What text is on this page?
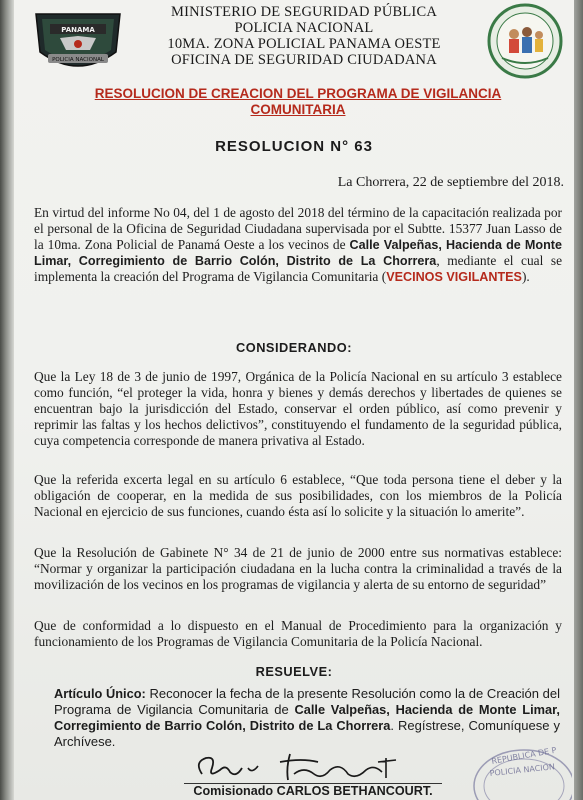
PANAMA
POLICIA NACIONAL
MINISTERIO DE SEGURIDAD PÚBLICA
POLICIA NACIONAL
10MA. ZONA POLICIAL PANAMA OESTE
OFICINA DE SEGURIDAD CIUDADANA
RESOLUCION DE CREACION DEL PROGRAMA DE VIGILANCIA COMUNITARIA
RESOLUCION N° 63
La Chorrera, 22 de septiembre del 2018.
En virtud del informe No 04, del 1 de agosto del 2018 del término de la capacitación realizada por el personal de la Oficina de Seguridad Ciudadana supervisada por el Subtte. 15377 Juan Lasso de la 10ma. Zona Policial de Panamá Oeste a los vecinos de Calle Valpeñas, Hacienda de Monte Limar, Corregimiento de Barrio Colón, Distrito de La Chorrera, mediante el cual se implementa la creación del Programa de Vigilancia Comunitaria (VECINOS VIGILANTES).
CONSIDERANDO:
Que la Ley 18 de 3 de junio de 1997, Orgánica de la Policía Nacional en su artículo 3 establece como función, “el proteger la vida, honra y bienes y demás derechos y libertades de quienes se encuentran bajo la jurisdicción del Estado, conservar el orden público, así como prevenir y reprimir las faltas y los hechos delictivos”, constituyendo el fundamento de la seguridad pública, cuya competencia corresponde de manera privativa al Estado.
Que la referida excerta legal en su artículo 6 establece, “Que toda persona tiene el deber y la obligación de cooperar, en la medida de sus posibilidades, con los miembros de la Policía Nacional en ejercicio de sus funciones, cuando ésta así lo solicite y la situación lo amerite”.
Que la Resolución de Gabinete N° 34 de 21 de junio de 2000 entre sus normativas establece: “Normar y organizar la participación ciudadana en la lucha contra la criminalidad a través de la movilización de los vecinos en los programas de vigilancia y alerta de su entorno de seguridad”
Que de conformidad a lo dispuesto en el Manual de Procedimiento para la organización y funcionamiento de los Programas de Vigilancia Comunitaria de la Policía Nacional.
RESUELVE:
Artículo Único: Reconocer la fecha de la presente Resolución como la de Creación del Programa de Vigilancia Comunitaria de Calle Valpeñas, Hacienda de Monte Limar, Corregimiento de Barrio Colón, Distrito de La Chorrera. Regístrese, Comuníquese y Archívese.
Comisionado CARLOS BETHANCOURT.
REPUBLICA DE P
POLICIA NACION
